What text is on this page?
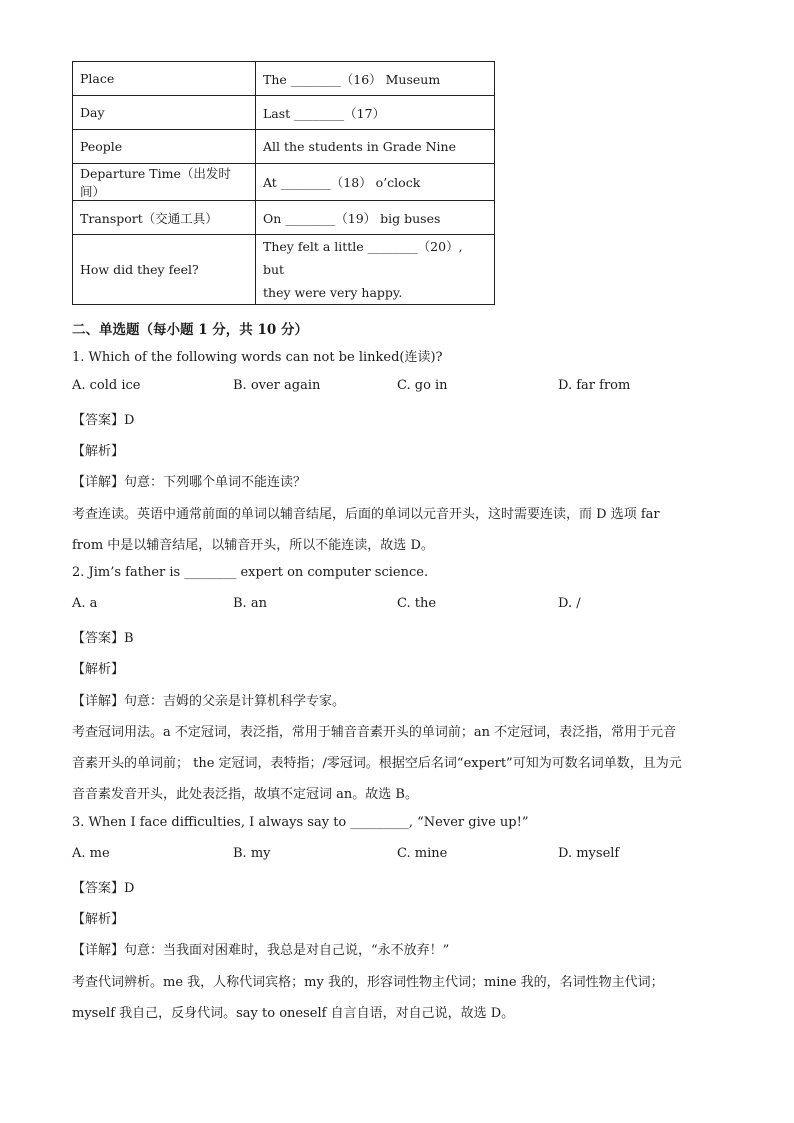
Place	The ________（16） Museum
Day	Last ________（17）
People	All the students in Grade Nine
Departure Time（出发时间）	At ________（18） o’clock
Transport（交通工具）	On ________（19） big buses
How did they feel?	They felt a little ________（20）, but
they were very happy.
二、单选题（每小题 1 分，共 10 分）
1. Which of the following words can not be linked(连读)?
A. cold ice	B. over again	C. go in	D. far from
【答案】D
【解析】
【详解】句意：下列哪个单词不能连读？
考查连读。英语中通常前面的单词以辅音结尾，后面的单词以元音开头，这时需要连读，而 D 选项 far
from 中是以辅音结尾，以辅音开头，所以不能连读，故选 D。
2. Jim’s father is ________ expert on computer science.
A. a	B. an	C. the	D. /
【答案】B
【解析】
【详解】句意：吉姆的父亲是计算机科学专家。
考查冠词用法。a 不定冠词，表泛指，常用于辅音音素开头的单词前；an 不定冠词，表泛指，常用于元音
音素开头的单词前； the 定冠词，表特指；/零冠词。根据空后名词“expert”可知为可数名词单数，且为元
音音素发音开头，此处表泛指，故填不定冠词 an。故选 B。
3. When I face difficulties, I always say to _________, “Never give up!”
A. me	B. my	C. mine	D. myself
【答案】D
【解析】
【详解】句意：当我面对困难时，我总是对自己说，“永不放弃！”
考查代词辨析。me 我，人称代词宾格；my 我的，形容词性物主代词；mine 我的，名词性物主代词；
myself 我自己，反身代词。say to oneself 自言自语，对自己说，故选 D。
